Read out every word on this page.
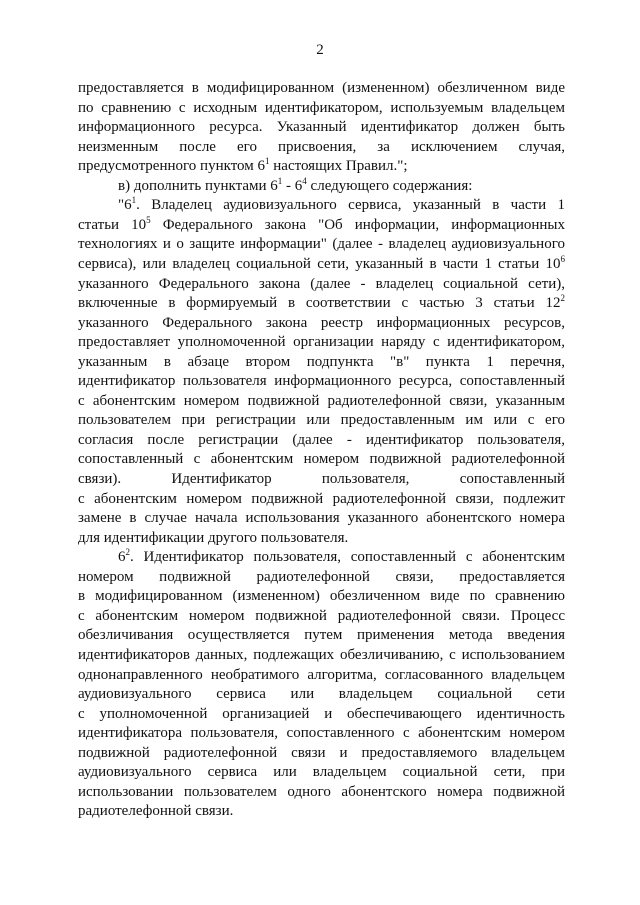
2
предоставляется в модифицированном (измененном) обезличенном виде
по сравнению с исходным идентификатором, используемым владельцем
информационного ресурса. Указанный идентификатор должен быть
неизменным после его присвоения, за исключением случая,
предусмотренного пунктом $6^1$ настоящих Правил.";
в) дополнить пунктами $6^1 - 6^4$ следующего содержания:
"$6^1$. Владелец аудиовизуального сервиса, указанный в части 1
статьи $10^5$ Федерального закона "Об информации, информационных
технологиях и о защите информации" (далее - владелец аудиовизуального
сервиса), или владелец социальной сети, указанный в части 1 статьи $10^6$
указанного Федерального закона (далее - владелец социальной сети),
включенные в формируемый в соответствии с частью 3 статьи $12^2$
указанного Федерального закона реестр информационных ресурсов,
предоставляет уполномоченной организации наряду с идентификатором,
указанным в абзаце втором подпункта "в" пункта 1 перечня,
идентификатор пользователя информационного ресурса, сопоставленный
с абонентским номером подвижной радиотелефонной связи, указанным
пользователем при регистрации или предоставленным им или с его
согласия после регистрации (далее - идентификатор пользователя,
сопоставленный с абонентским номером подвижной радиотелефонной
связи). Идентификатор пользователя, сопоставленный
с абонентским номером подвижной радиотелефонной связи, подлежит
замене в случае начала использования указанного абонентского номера
для идентификации другого пользователя.
$6^2$. Идентификатор пользователя, сопоставленный с абонентским
номером подвижной радиотелефонной связи, предоставляется
в модифицированном (измененном) обезличенном виде по сравнению
с абонентским номером подвижной радиотелефонной связи. Процесс
обезличивания осуществляется путем применения метода введения
идентификаторов данных, подлежащих обезличиванию, с использованием
однонаправленного необратимого алгоритма, согласованного владельцем
аудиовизуального сервиса или владельцем социальной сети
с уполномоченной организацией и обеспечивающего идентичность
идентификатора пользователя, сопоставленного с абонентским номером
подвижной радиотелефонной связи и предоставляемого владельцем
аудиовизуального сервиса или владельцем социальной сети, при
использовании пользователем одного абонентского номера подвижной
радиотелефонной связи.
